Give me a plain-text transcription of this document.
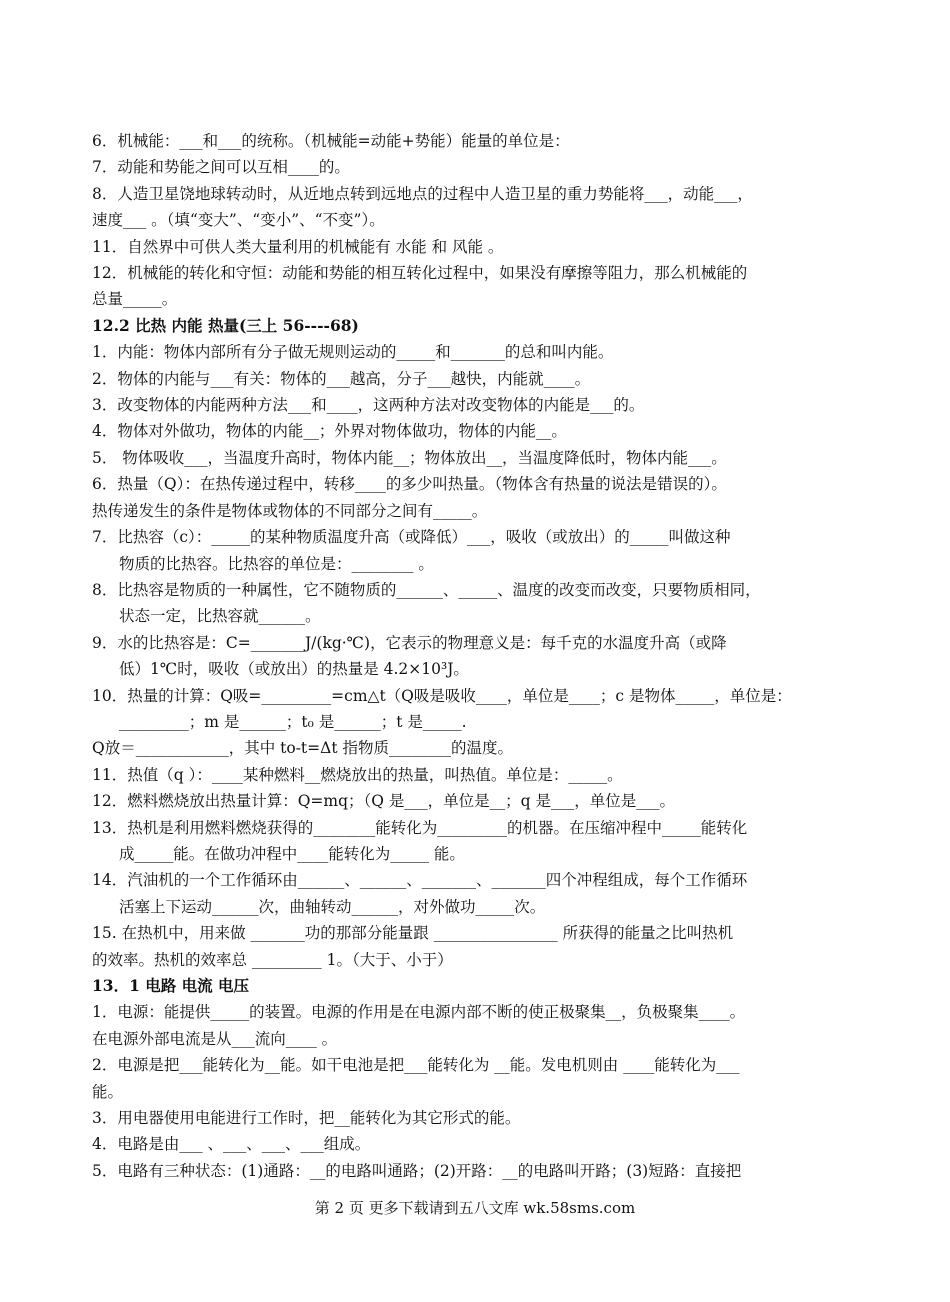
6．机械能：___和___的统称。（机械能=动能+势能）能量的单位是：
7．动能和势能之间可以互相____的。
8．人造卫星饶地球转动时，从近地点转到远地点的过程中人造卫星的重力势能将___，动能___，
速度___ 。（填“变大”、“变小”、“不变”）。
11．自然界中可供人类大量利用的机械能有 水能 和 风能 。
12．机械能的转化和守恒：动能和势能的相互转化过程中，如果没有摩擦等阻力，那么机械能的
总量_____。
12.2 比热 内能 热量(三上 56----68)
1．内能：物体内部所有分子做无规则运动的_____和_______的总和叫内能。
2．物体的内能与___有关：物体的___越高，分子___越快，内能就____。
3．改变物体的内能两种方法___和____，这两种方法对改变物体的内能是___的。
4．物体对外做功，物体的内能__；外界对物体做功，物体的内能__。
5． 物体吸收___，当温度升高时，物体内能__；物体放出__，当温度降低时，物体内能___。
6．热量（Q）：在热传递过程中，转移____的多少叫热量。（物体含有热量的说法是错误的）。
热传递发生的条件是物体或物体的不同部分之间有_____。
7．比热容（c）：_____的某种物质温度升高（或降低）___，吸收（或放出）的_____叫做这种
物质的比热容。比热容的单位是：________ 。
8．比热容是物质的一种属性，它不随物质的______、_____、温度的改变而改变，只要物质相同，
状态一定，比热容就______。
9．水的比热容是：C=_______J/(kg·℃)，它表示的物理意义是：每千克的水温度升高（或降
低）1℃时，吸收（或放出）的热量是 4.2×10³J。
10．热量的计算：Q吸=_________=cm△t（Q吸是吸收____，单位是____；c 是物体_____，单位是：
_________；m 是______；t₀ 是______；t 是_____.
Q放＝____________，其中 to-t=Δt 指物质________的温度。
11．热值（q ）：____某种燃料__燃烧放出的热量，叫热值。单位是：_____。
12．燃料燃烧放出热量计算：Q=mq；（Q 是___，单位是__；q 是___，单位是___。
13．热机是利用燃料燃烧获得的________能转化为_________的机器。在压缩冲程中_____能转化
成_____能。在做功冲程中____能转化为_____ 能。
14．汽油机的一个工作循环由______、______、_______、_______四个冲程组成，每个工作循环
活塞上下运动______次，曲轴转动______，对外做功_____次。
15. 在热机中，用来做 _______功的那部分能量跟 ________________ 所获得的能量之比叫热机
的效率。热机的效率总 _________ 1。（大于、小于）
13．1 电路 电流 电压
1．电源：能提供_____的装置。电源的作用是在电源内部不断的使正极聚集__，负极聚集____。
在电源外部电流是从___流向____ 。
2．电源是把___能转化为__能。如干电池是把___能转化为 __能。发电机则由 ____能转化为___
能。
3．用电器使用电能进行工作时，把__能转化为其它形式的能。
4．电路是由___ 、___、___、___组成。
5．电路有三种状态：(1)通路：__的电路叫通路；(2)开路：__的电路叫开路；(3)短路：直接把
第 2 页 更多下载请到五八文库 wk.58sms.com
